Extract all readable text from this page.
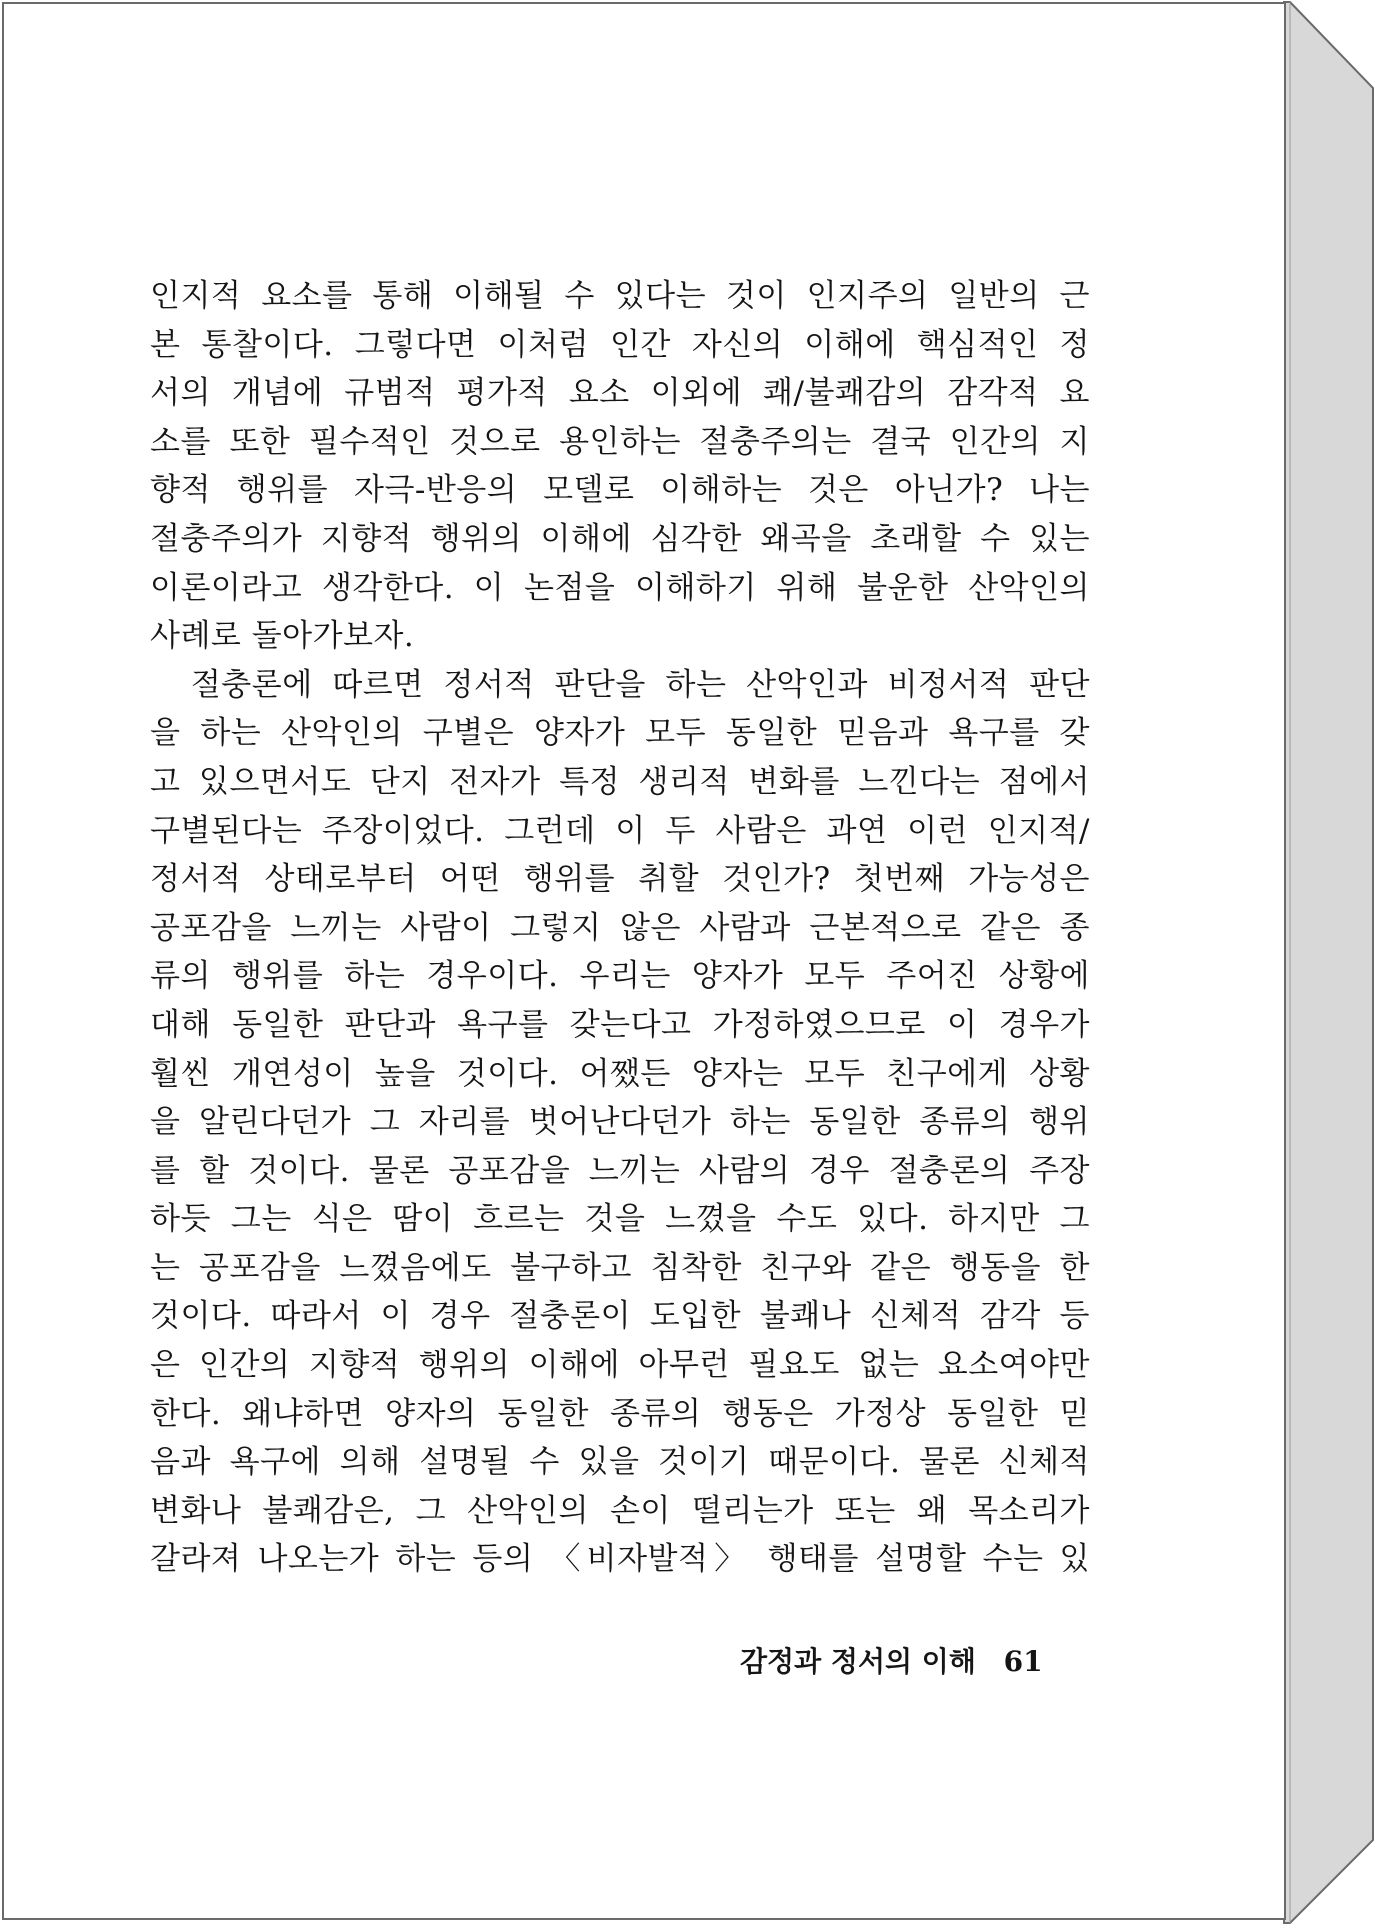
인지적 요소를 통해 이해될 수 있다는 것이 인지주의 일반의 근
본 통찰이다. 그렇다면 이처럼 인간 자신의 이해에 핵심적인 정
서의 개념에 규범적 평가적 요소 이외에 쾌/불쾌감의 감각적 요
소를 또한 필수적인 것으로 용인하는 절충주의는 결국 인간의 지
향적 행위를 자극-반응의 모델로 이해하는 것은 아닌가? 나는
절충주의가 지향적 행위의 이해에 심각한 왜곡을 초래할 수 있는
이론이라고 생각한다. 이 논점을 이해하기 위해 불운한 산악인의
사례로 돌아가보자.
　절충론에 따르면 정서적 판단을 하는 산악인과 비정서적 판단
을 하는 산악인의 구별은 양자가 모두 동일한 믿음과 욕구를 갖
고 있으면서도 단지 전자가 특정 생리적 변화를 느낀다는 점에서
구별된다는 주장이었다. 그런데 이 두 사람은 과연 이런 인지적/
정서적 상태로부터 어떤 행위를 취할 것인가? 첫번째 가능성은
공포감을 느끼는 사람이 그렇지 않은 사람과 근본적으로 같은 종
류의 행위를 하는 경우이다. 우리는 양자가 모두 주어진 상황에
대해 동일한 판단과 욕구를 갖는다고 가정하였으므로 이 경우가
훨씬 개연성이 높을 것이다. 어쨌든 양자는 모두 친구에게 상황
을 알린다던가 그 자리를 벗어난다던가 하는 동일한 종류의 행위
를 할 것이다. 물론 공포감을 느끼는 사람의 경우 절충론의 주장
하듯 그는 식은 땀이 흐르는 것을 느꼈을 수도 있다. 하지만 그
는 공포감을 느꼈음에도 불구하고 침착한 친구와 같은 행동을 한
것이다. 따라서 이 경우 절충론이 도입한 불쾌나 신체적 감각 등
은 인간의 지향적 행위의 이해에 아무런 필요도 없는 요소여야만
한다. 왜냐하면 양자의 동일한 종류의 행동은 가정상 동일한 믿
음과 욕구에 의해 설명될 수 있을 것이기 때문이다. 물론 신체적
변화나 불쾌감은, 그 산악인의 손이 떨리는가 또는 왜 목소리가
갈라져 나오는가 하는 등의 〈비자발적〉 행태를 설명할 수는 있
감정과 정서의 이해 61
